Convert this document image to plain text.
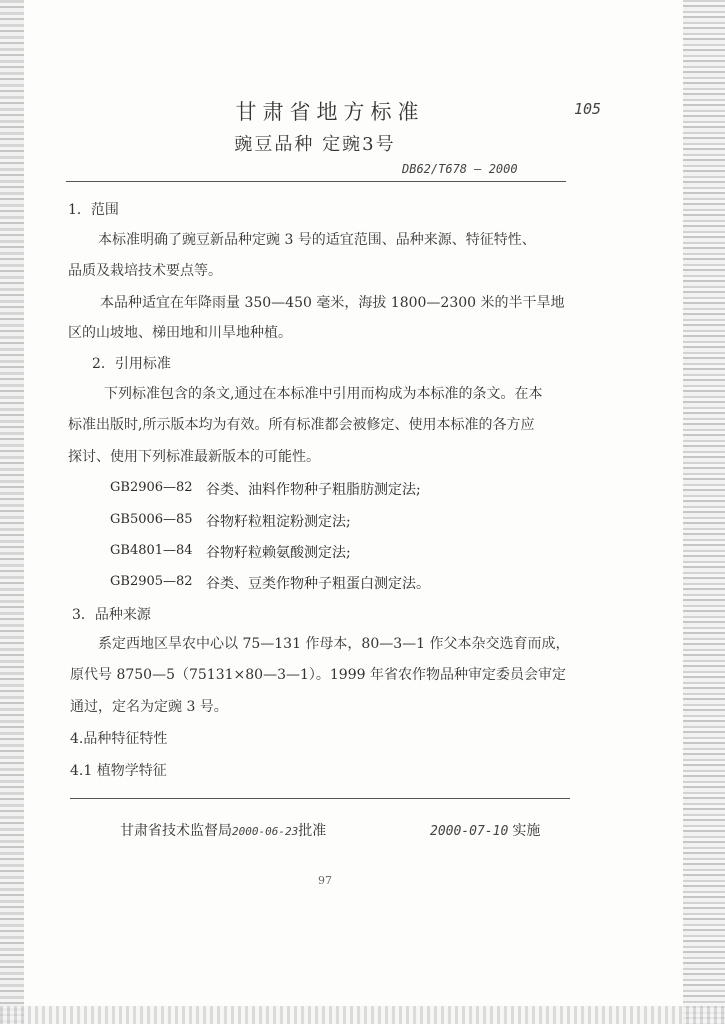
甘肃省地方标准
豌豆品种 定豌3号
105
DB62/T678 — 2000
1．范围
本标准明确了豌豆新品种定豌 3 号的适宜范围、品种来源、特征特性、
品质及栽培技术要点等。
本品种适宜在年降雨量 350—450 毫米，海拔 1800—2300 米的半干旱地
区的山坡地、梯田地和川旱地种植。
2．引用标准
下列标准包含的条文,通过在本标准中引用而构成为本标准的条文。在本
标准出版时,所示版本均为有效。所有标准都会被修定、使用本标准的各方应
探讨、使用下列标准最新版本的可能性。
GB2906—82 谷类、油料作物种子粗脂肪测定法;
GB5006—85 谷物籽粒粗淀粉测定法;
GB4801—84 谷物籽粒赖氨酸测定法;
GB2905—82 谷类、豆类作物种子粗蛋白测定法。
3．品种来源
系定西地区旱农中心以 75—131 作母本，80—3—1 作父本杂交选育而成，
原代号 8750—5（75131×80—3—1）。1999 年省农作物品种审定委员会审定
通过，定名为定豌 3 号。
4.品种特征特性
4.1 植物学特征
甘肃省技术监督局2000-06-23批准	2000-07-10 实施
97
